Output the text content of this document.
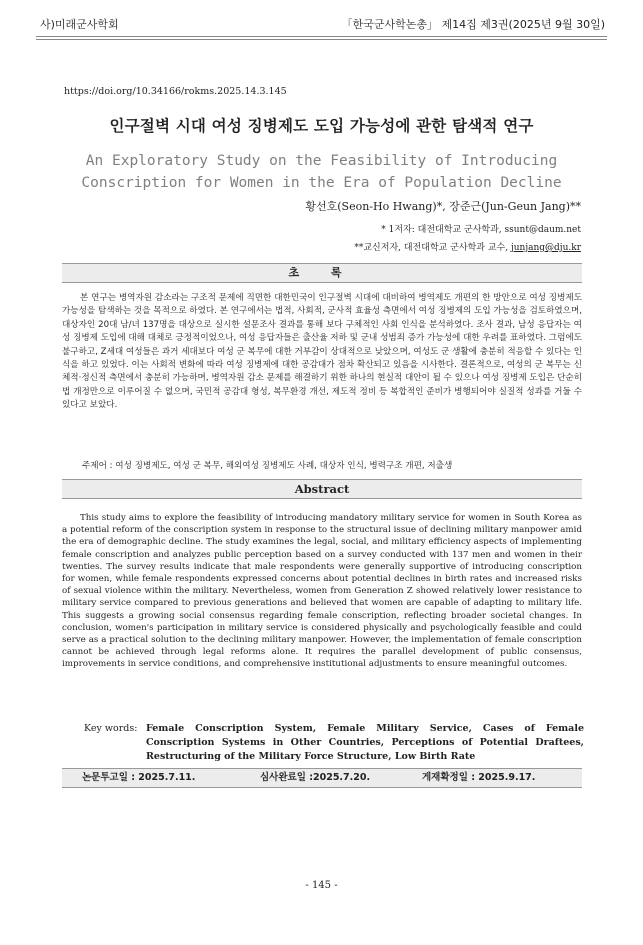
사)미래군사학회	「한국군사학논총」 제14집 제3권(2025년 9월 30일)
https://doi.org/10.34166/rokms.2025.14.3.145
인구절벽 시대 여성 징병제도 도입 가능성에 관한 탐색적 연구
An Exploratory Study on the Feasibility of Introducing Conscription for Women in the Era of Population Decline
황선호(Seon-Ho Hwang)*, 장준근(Jun-Geun Jang)**
* 1저자: 대전대학교 군사학과, ssunt@daum.net
**교신저자, 대전대학교 군사학과 교수, junjang@dju.kr
초 록

본 연구는 병역자원 감소라는 구조적 문제에 직면한 대한민국이 인구절벽 시대에 대비하여 병역제도 개편의 한 방안으로 여성 징병제도 가능성을 탐색하는 것을 목적으로 하였다. 본 연구에서는 법적, 사회적, 군사적 효율성 측면에서 여성 징병제의 도입 가능성을 검토하였으며, 대상자인 20대 남/녀 137명을 대상으로 실시한 설문조사 결과를 통해 보다 구체적인 사회 인식을 분석하였다. 조사 결과, 남성 응답자는 여성 징병제 도입에 대해 대체로 긍정적이었으나, 여성 응답자들은 출산율 저하 및 군내 성범죄 증가 가능성에 대한 우려를 표하였다. 그럼에도 불구하고, Z세대 여성들은 과거 세대보다 여성 군 복무에 대한 거부감이 상대적으로 낮았으며, 여성도 군 생활에 충분히 적응할 수 있다는 인식을 하고 있었다. 이는 사회적 변화에 따라 여성 징병제에 대한 공감대가 점차 확산되고 있음을 시사한다. 결론적으로, 여성의 군 복무는 신체적·정신적 측면에서 충분히 가능하며, 병역자원 감소 문제를 해결하기 위한 하나의 현실적 대안이 될 수 있으나 여성 징병제 도입은 단순히 법 개정만으로 이루어질 수 없으며, 국민적 공감대 형성, 복무환경 개선, 제도적 정비 등 복합적인 준비가 병행되어야 실질적 성과를 거둘 수 있다고 보았다.

주제어 : 여성 징병제도, 여성 군 복무, 해외여성 징병제도 사례, 대상자 인식, 병력구조 개편, 저출생
Abstract

This study aims to explore the feasibility of introducing mandatory military service for women in South Korea as a potential reform of the conscription system in response to the structural issue of declining military manpower amid the era of demographic decline. The study examines the legal, social, and military efficiency aspects of implementing female conscription and analyzes public perception based on a survey conducted with 137 men and women in their twenties. The survey results indicate that male respondents were generally supportive of introducing conscription for women, while female respondents expressed concerns about potential declines in birth rates and increased risks of sexual violence within the military. Nevertheless, women from Generation Z showed relatively lower resistance to military service compared to previous generations and believed that women are capable of adapting to military life. This suggests a growing social consensus regarding female conscription, reflecting broader societal changes. In conclusion, women's participation in military service is considered physically and psychologically feasible and could serve as a practical solution to the declining military manpower. However, the implementation of female conscription cannot be achieved through legal reforms alone. It requires the parallel development of public consensus, improvements in service conditions, and comprehensive institutional adjustments to ensure meaningful outcomes.

Key words: Female Conscription System, Female Military Service, Cases of Female Conscription Systems in Other Countries, Perceptions of Potential Draftees, Restructuring of the Military Force Structure, Low Birth Rate
논문투고일 : 2025.7.11.	심사완료일 :2025.7.20.	게재확정일 : 2025.9.17.
- 145 -
